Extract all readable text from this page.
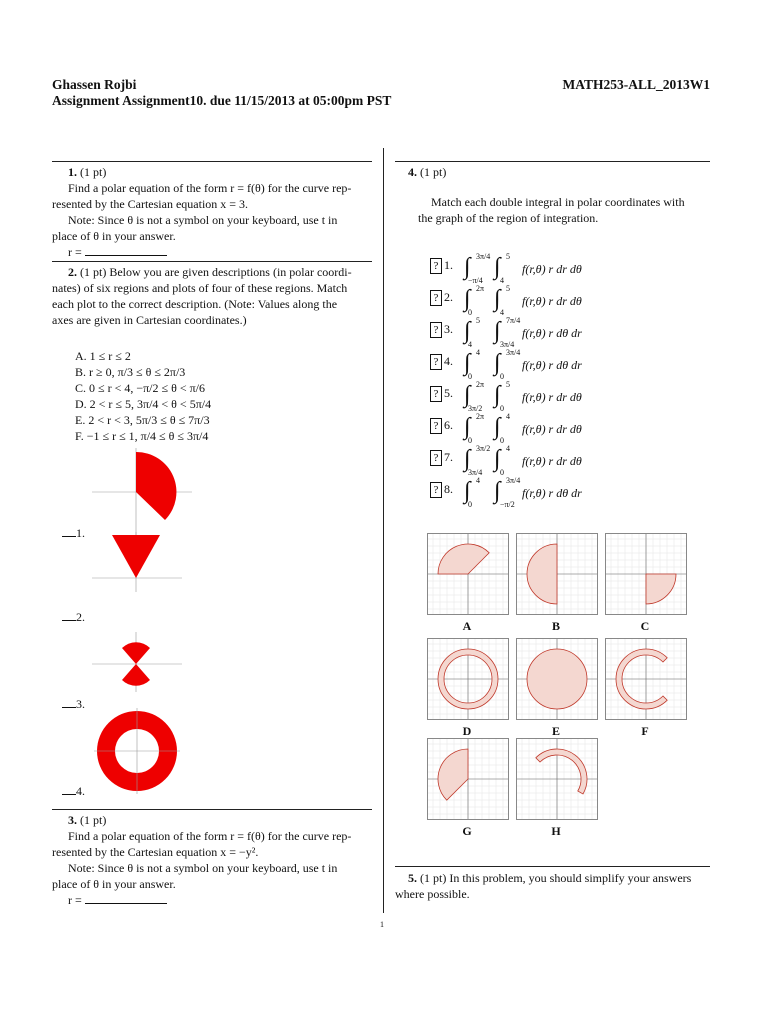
Ghassen Rojbi	MATH253-ALL_2013W1
Assignment Assignment10. due 11/15/2013 at 05:00pm PST
1. (1 pt)
Find a polar equation of the form r = f(θ) for the curve rep-
resented by the Cartesian equation x = 3.
Note: Since θ is not a symbol on your keyboard, use t in
place of θ in your answer.
r =
2. (1 pt) Below you are given descriptions (in polar coordi-
nates) of six regions and plots of four of these regions. Match
each plot to the correct description. (Note: Values along the
axes are given in Cartesian coordinates.)
A. 1 ≤ r ≤ 2
B. r ≥ 0, π/3 ≤ θ ≤ 2π/3
C. 0 ≤ r < 4, −π/2 ≤ θ < π/6
D. 2 < r ≤ 5, 3π/4 < θ < 5π/4
E. 2 < r < 3, 5π/3 ≤ θ ≤ 7π/3
F. −1 ≤ r ≤ 1, π/4 ≤ θ ≤ 3π/4
1.
2.
3.
4.
3. (1 pt)
Find a polar equation of the form r = f(θ) for the curve rep-
resented by the Cartesian equation x = −y².
Note: Since θ is not a symbol on your keyboard, use t in
place of θ in your answer.
r =
4. (1 pt)
Match each double integral in polar coordinates with
the graph of the region of integration.
? 1. ∫ 3π/4
−π/4
∫ 5
4
f(r,θ) r dr dθ
? 2. ∫ 2π
0
∫ 5
4
f(r,θ) r dr dθ
? 3. ∫ 5
4
∫ 7π/4
3π/4
f(r,θ) r dθ dr
? 4. ∫ 4
0
∫ 3π/4
0
f(r,θ) r dθ dr
? 5. ∫ 2π
3π/2
∫ 5
0
f(r,θ) r dr dθ
? 6. ∫ 2π
0
∫ 4
0
f(r,θ) r dr dθ
? 7. ∫ 3π/2
3π/4
∫ 4
0
f(r,θ) r dr dθ
? 8. ∫ 4
0
∫ 3π/4
−π/2
f(r,θ) r dθ dr
A	B	C
D	E	F
G	H
5. (1 pt) In this problem, you should simplify your answers
where possible.
1
